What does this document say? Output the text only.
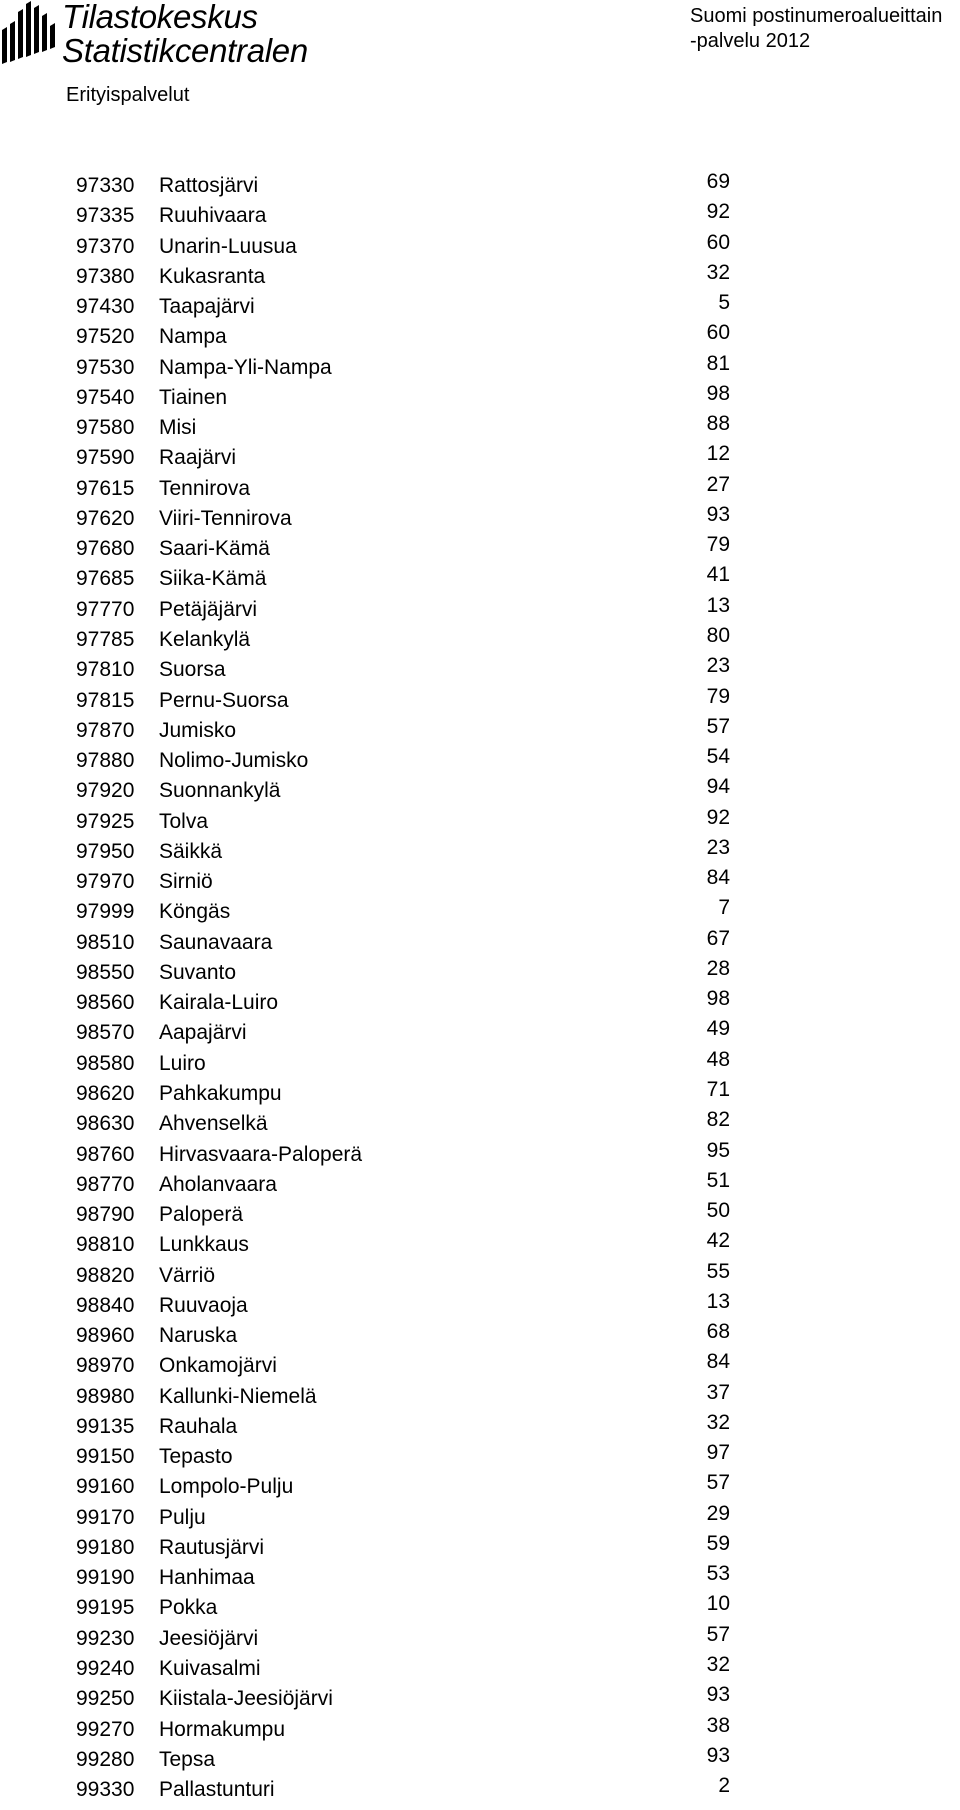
Tilastokeskus
Statistikcentralen
Suomi postinumeroalueittain
-palvelu 2012
Erityispalvelut
97330 Rattosjärvi	69
97335 Ruuhivaara	92
97370 Unarin-Luusua	60
97380 Kukasranta	32
97430 Taapajärvi	5
97520 Nampa	60
97530 Nampa-Yli-Nampa	81
97540 Tiainen	98
97580 Misi	88
97590 Raajärvi	12
97615 Tennirova	27
97620 Viiri-Tennirova	93
97680 Saari-Kämä	79
97685 Siika-Kämä	41
97770 Petäjäjärvi	13
97785 Kelankylä	80
97810 Suorsa	23
97815 Pernu-Suorsa	79
97870 Jumisko	57
97880 Nolimo-Jumisko	54
97920 Suonnankylä	94
97925 Tolva	92
97950 Säikkä	23
97970 Sirniö	84
97999 Köngäs	7
98510 Saunavaara	67
98550 Suvanto	28
98560 Kairala-Luiro	98
98570 Aapajärvi	49
98580 Luiro	48
98620 Pahkakumpu	71
98630 Ahvenselkä	82
98760 Hirvasvaara-Paloperä	95
98770 Aholanvaara	51
98790 Paloperä	50
98810 Lunkkaus	42
98820 Värriö	55
98840 Ruuvaoja	13
98960 Naruska	68
98970 Onkamojärvi	84
98980 Kallunki-Niemelä	37
99135 Rauhala	32
99150 Tepasto	97
99160 Lompolo-Pulju	57
99170 Pulju	29
99180 Rautusjärvi	59
99190 Hanhimaa	53
99195 Pokka	10
99230 Jeesiöjärvi	57
99240 Kuivasalmi	32
99250 Kiistala-Jeesiöjärvi	93
99270 Hormakumpu	38
99280 Tepsa	93
99330 Pallastunturi	2
